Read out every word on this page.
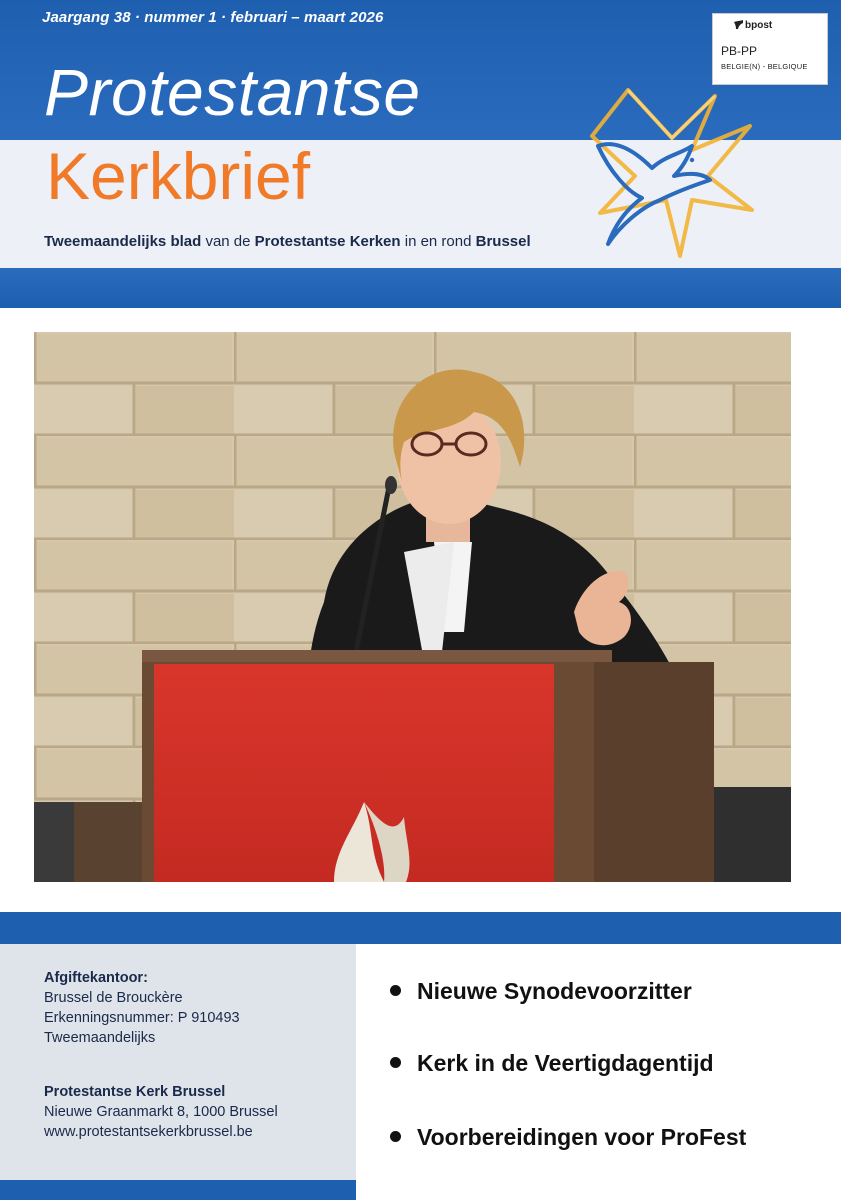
Jaargang 38 · nummer 1 · februari – maart 2026
Protestantse
Kerkbrief
Tweemaandelijks blad van de Protestantse Kerken in en rond Brussel
bpost
PB-PP
BELGIE(N) - BELGIQUE
Afgiftekantoor:
Brussel de Brouckère
Erkenningsnummer: P 910493
Tweemaandelijks
Protestantse Kerk Brussel
Nieuwe Graanmarkt 8, 1000 Brussel
www.protestantsekerkbrussel.be
Nieuwe Synodevoorzitter
Kerk in de Veertigdagentijd
Voorbereidingen voor ProFest
